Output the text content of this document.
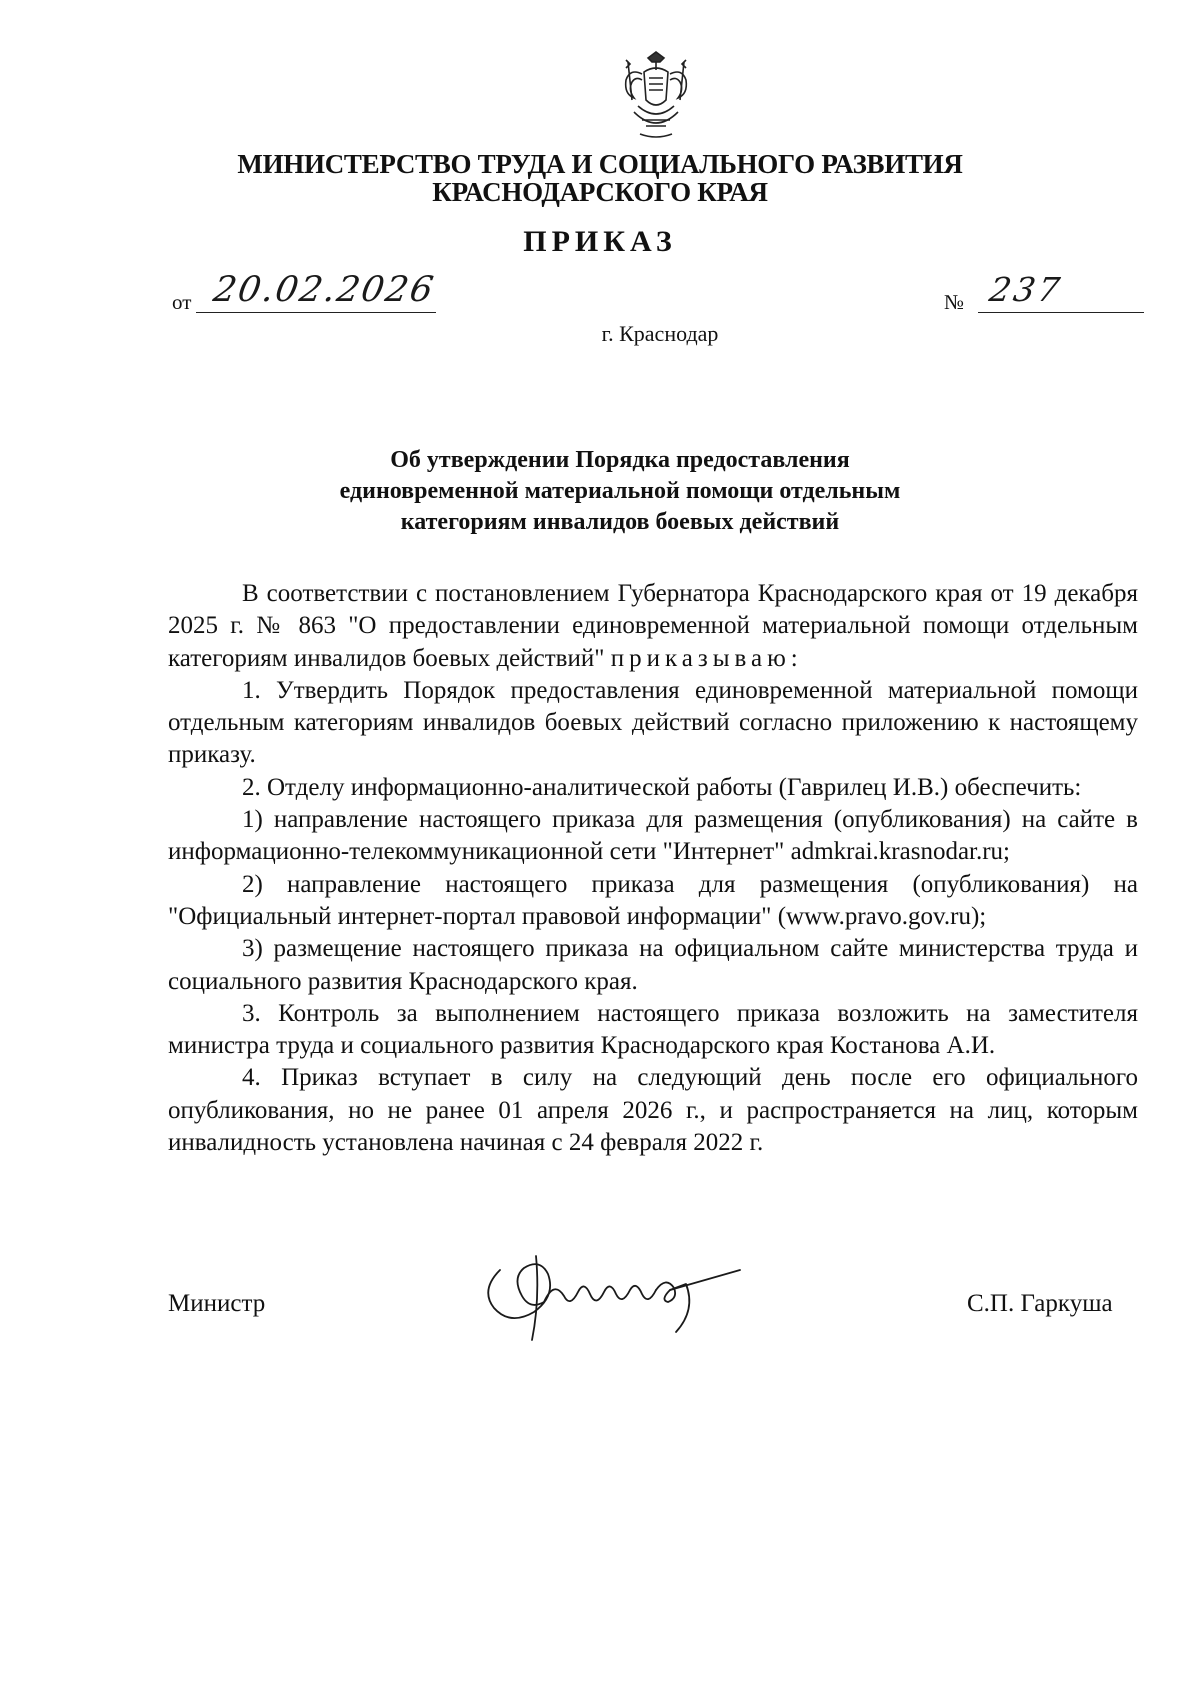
МИНИСТЕРСТВО ТРУДА И СОЦИАЛЬНОГО РАЗВИТИЯ
КРАСНОДАРСКОГО КРАЯ
ПРИКАЗ
от 20.02.2026	№ 237
г. Краснодар
Об утверждении Порядка предоставления
единовременной материальной помощи отдельным
категориям инвалидов боевых действий

В соответствии с постановлением Губернатора Краснодарского края от 19 декабря 2025 г. № 863 "О предоставлении единовременной материальной помощи отдельным категориям инвалидов боевых действий" приказываю:

1. Утвердить Порядок предоставления единовременной материальной помощи отдельным категориям инвалидов боевых действий согласно приложению к настоящему приказу.

2. Отделу информационно-аналитической работы (Гаврилец И.В.) обеспечить:

1) направление настоящего приказа для размещения (опубликования) на сайте в информационно-телекоммуникационной сети "Интернет" admkrai.krasnodar.ru;

2) направление настоящего приказа для размещения (опубликования) на "Официальный интернет-портал правовой информации" (www.pravo.gov.ru);

3) размещение настоящего приказа на официальном сайте министерства труда и социального развития Краснодарского края.

3. Контроль за выполнением настоящего приказа возложить на заместителя министра труда и социального развития Краснодарского края Костанова А.И.

4. Приказ вступает в силу на следующий день после его официального опубликования, но не ранее 01 апреля 2026 г., и распространяется на лиц, которым инвалидность установлена начиная с 24 февраля 2022 г.

Министр	С.П. Гаркуша
